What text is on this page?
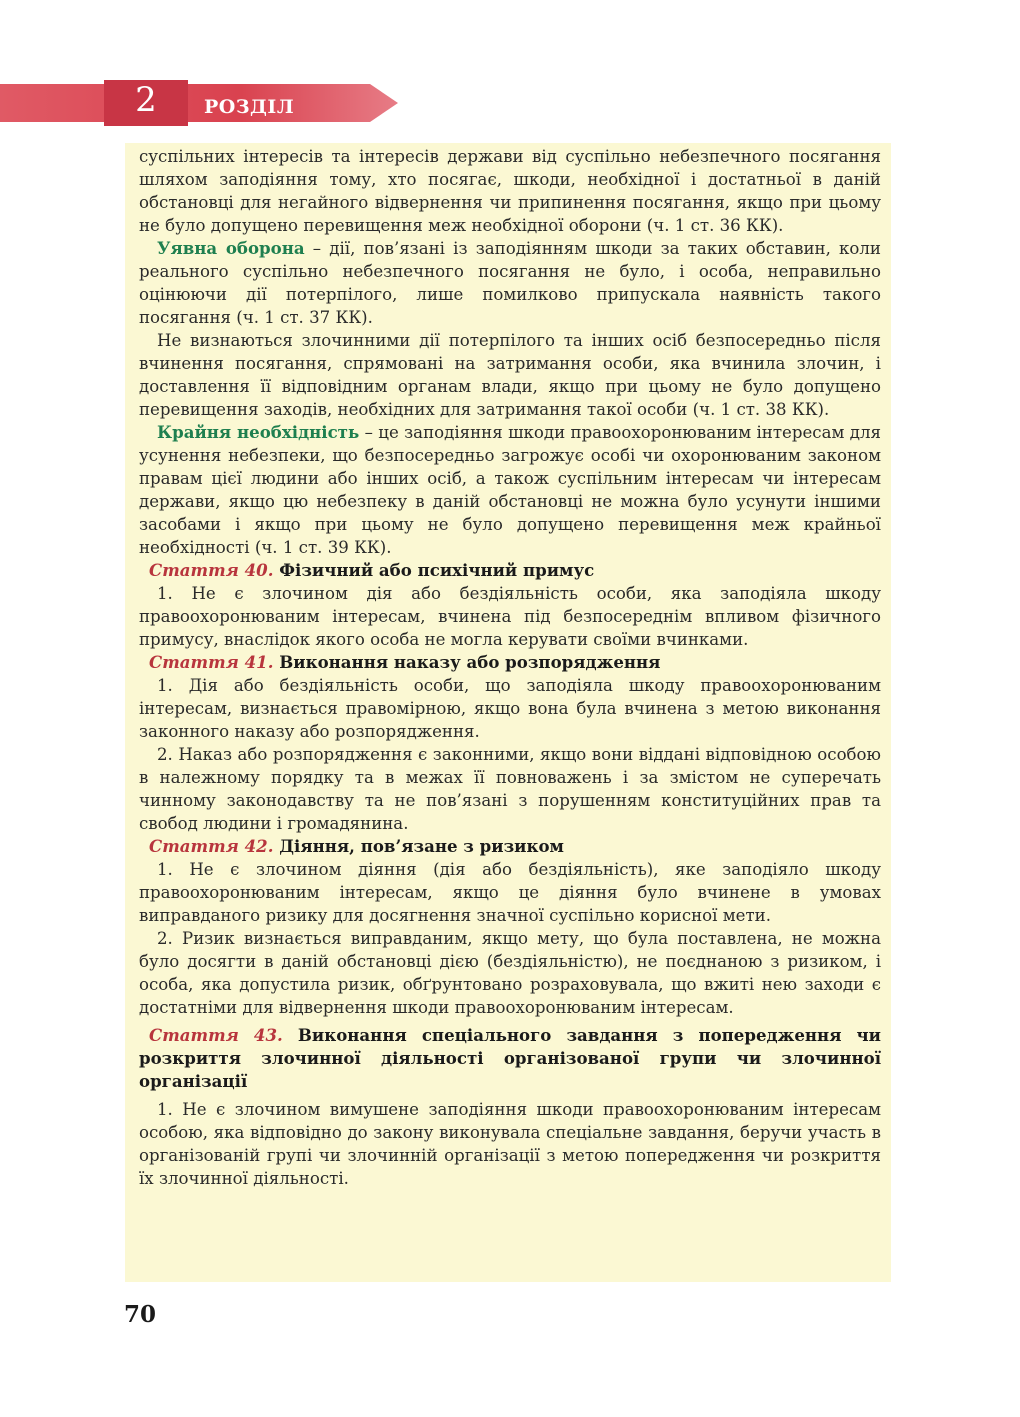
2	РОЗДІЛ

суспільних інтересів та інтересів держави від суспільно небезпечного посягання шляхом заподіяння тому, хто посягає, шкоди, необхідної і достатньої в даній обстановці для негайного відвернення чи припинення посягання, якщо при цьому не було допущено перевищення меж необхідної оборони (ч. 1 ст. 36 КК).

Уявна оборона – дії, пов’язані із заподіянням шкоди за таких обставин, коли реального суспільно небезпечного посягання не було, і особа, неправильно оцінюючи дії потерпілого, лише помилково припускала наявність такого посягання (ч. 1 ст. 37 КК).

Не визнаються злочинними дії потерпілого та інших осіб безпосередньо після вчинення посягання, спрямовані на затримання особи, яка вчинила злочин, і доставлення її відповідним органам влади, якщо при цьому не було допущено перевищення заходів, необхідних для затримання такої особи (ч. 1 ст. 38 КК).

Крайня необхідність – це заподіяння шкоди правоохоронюваним інтересам для усунення небезпеки, що безпосередньо загрожує особі чи охоронюваним законом правам цієї людини або інших осіб, а також суспільним інтересам чи інтересам держави, якщо цю небезпеку в даній обстановці не можна було усунути іншими засобами і якщо при цьому не було допущено перевищення меж крайньої необхідності (ч. 1 ст. 39 КК).

Стаття 40. Фізичний або психічний примус

1. Не є злочином дія або бездіяльність особи, яка заподіяла шкоду правоохоронюваним інтересам, вчинена під безпосереднім впливом фізичного примусу, внаслідок якого особа не могла керувати своїми вчинками.

Стаття 41. Виконання наказу або розпорядження

1. Дія або бездіяльність особи, що заподіяла шкоду правоохоронюваним інтересам, визнається правомірною, якщо вона була вчинена з метою виконання законного наказу або розпорядження.

2. Наказ або розпорядження є законними, якщо вони віддані відповідною особою в належному порядку та в межах її повноважень і за змістом не суперечать чинному законодавству та не пов’язані з порушенням конституційних прав та свобод людини і громадянина.

Стаття 42. Діяння, пов’язане з ризиком

1. Не є злочином діяння (дія або бездіяльність), яке заподіяло шкоду правоохоронюваним інтересам, якщо це діяння було вчинене в умовах виправданого ризику для досягнення значної суспільно корисної мети.

2. Ризик визнається виправданим, якщо мету, що була поставлена, не можна було досягти в даній обстановці дією (бездіяльністю), не поєднаною з ризиком, і особа, яка допустила ризик, обґрунтовано розраховувала, що вжиті нею заходи є достатніми для відвернення шкоди правоохоронюваним інтересам.

Стаття 43. Виконання спеціального завдання з попередження чи розкриття злочинної діяльності організованої групи чи злочинної організації

1. Не є злочином вимушене заподіяння шкоди правоохоронюваним інтересам особою, яка відповідно до закону виконувала спеціальне завдання, беручи участь в організованій групі чи злочинній організації з метою попередження чи розкриття їх злочинної діяльності.

70
